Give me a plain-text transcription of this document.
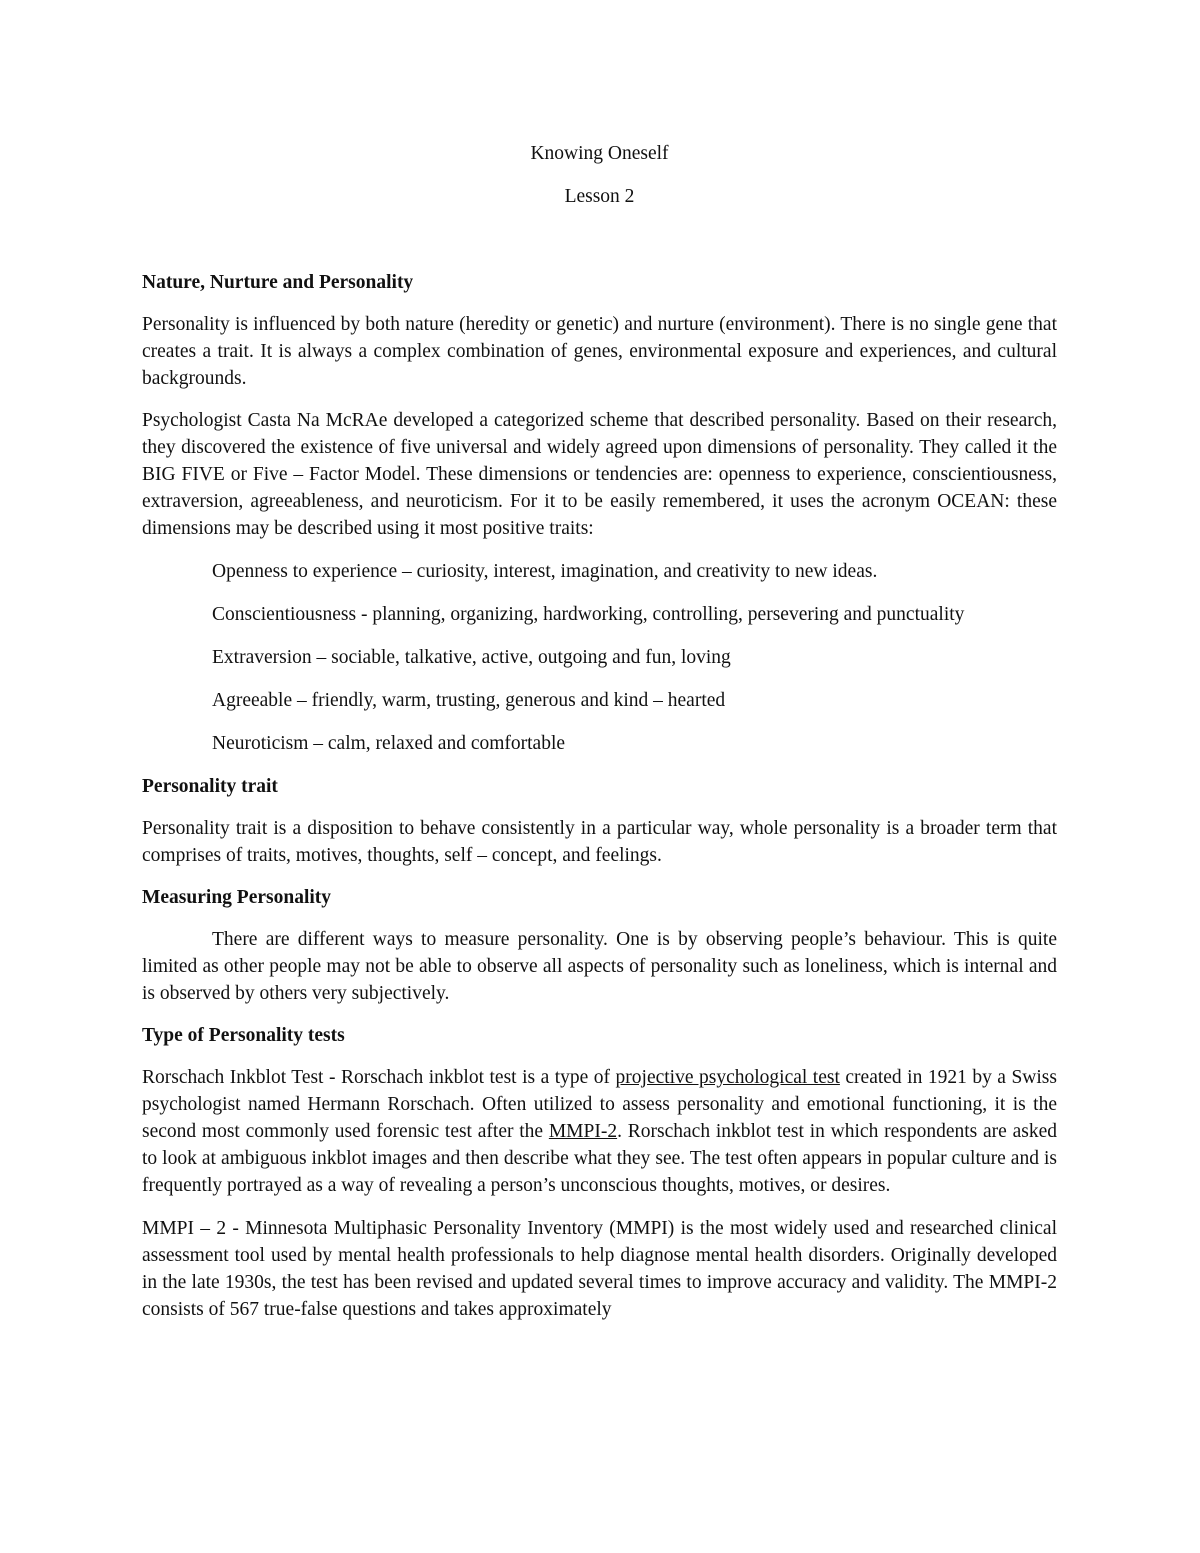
Knowing Oneself

Lesson 2

Nature, Nurture and Personality

Personality is influenced by both nature (heredity or genetic) and nurture (environment). There is no single gene that creates a trait. It is always a complex combination of genes, environmental exposure and experiences, and cultural backgrounds.

Psychologist Casta Na McRAe developed a categorized scheme that described personality. Based on their research, they discovered the existence of five universal and widely agreed upon dimensions of personality. They called it the BIG FIVE or Five – Factor Model. These dimensions or tendencies are: openness to experience, conscientiousness, extraversion, agreeableness, and neuroticism. For it to be easily remembered, it uses the acronym OCEAN: these dimensions may be described using it most positive traits:

Openness to experience – curiosity, interest, imagination, and creativity to new ideas.
Conscientiousness - planning, organizing, hardworking, controlling, persevering and punctuality
Extraversion – sociable, talkative, active, outgoing and fun, loving
Agreeable – friendly, warm, trusting, generous and kind – hearted
Neuroticism – calm, relaxed and comfortable
Personality trait

Personality trait is a disposition to behave consistently in a particular way, whole personality is a broader term that comprises of traits, motives, thoughts, self – concept, and feelings.

Measuring Personality

There are different ways to measure personality. One is by observing people’s behaviour. This is quite limited as other people may not be able to observe all aspects of personality such as loneliness, which is internal and is observed by others very subjectively.

Type of Personality tests

Rorschach Inkblot Test - Rorschach inkblot test is a type of projective psychological test created in 1921 by a Swiss psychologist named Hermann Rorschach. Often utilized to assess personality and emotional functioning, it is the second most commonly used forensic test after the MMPI-2. Rorschach inkblot test in which respondents are asked to look at ambiguous inkblot images and then describe what they see. The test often appears in popular culture and is frequently portrayed as a way of revealing a person’s unconscious thoughts, motives, or desires.

MMPI – 2 - Minnesota Multiphasic Personality Inventory (MMPI) is the most widely used and researched clinical assessment tool used by mental health professionals to help diagnose mental health disorders. Originally developed in the late 1930s, the test has been revised and updated several times to improve accuracy and validity. The MMPI-2 consists of 567 true-false questions and takes approximately
